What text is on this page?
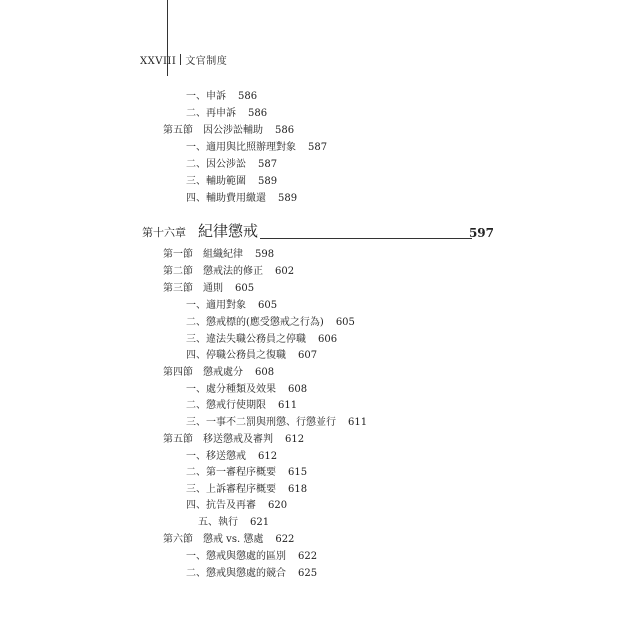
XXVIII 文官制度
一、申訴 586
二、再申訴 586
第五節　因公涉訟輔助 586
一、適用與比照辦理對象 587
二、因公涉訟 587
三、輔助範圍 589
四、輔助費用繳還 589
第十六章 紀律懲戒	597
第一節　組織紀律 598
第二節　懲戒法的修正 602
第三節　通則 605
一、適用對象 605
二、懲戒標的(應受懲戒之行為) 605
三、違法失職公務員之停職 606
四、停職公務員之復職 607
第四節　懲戒處分 608
一、處分種類及效果 608
二、懲戒行使期限 611
三、一事不二罰與刑懲、行懲並行 611
第五節　移送懲戒及審判 612
一、移送懲戒 612
二、第一審程序概要 615
三、上訴審程序概要 618
四、抗告及再審 620
五、執行 621
第六節　懲戒 vs. 懲處 622
一、懲戒與懲處的區別 622
二、懲戒與懲處的競合 625
